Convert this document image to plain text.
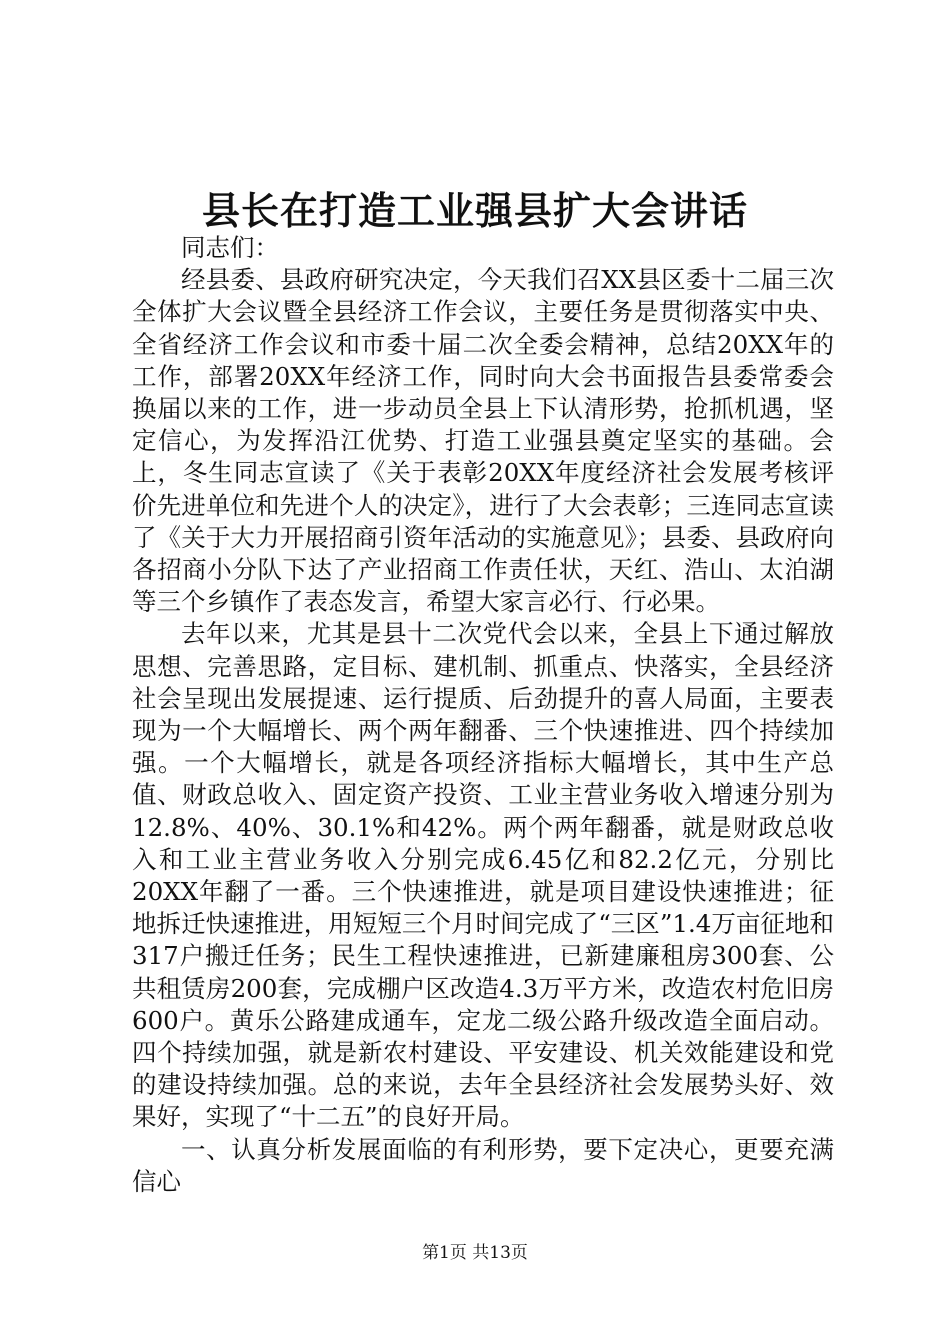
县长在打造工业强县扩大会讲话

同志们：

经县委、县政府研究决定，今天我们召XX县区委十二届三次全体扩大会议暨全县经济工作会议，主要任务是贯彻落实中央、全省经济工作会议和市委十届二次全委会精神，总结20XX年的工作，部署20XX年经济工作，同时向大会书面报告县委常委会换届以来的工作，进一步动员全县上下认清形势，抢抓机遇，坚定信心，为发挥沿江优势、打造工业强县奠定坚实的基础。会上，冬生同志宣读了《关于表彰20XX年度经济社会发展考核评价先进单位和先进个人的决定》，进行了大会表彰；三连同志宣读了《关于大力开展招商引资年活动的实施意见》；县委、县政府向各招商小分队下达了产业招商工作责任状，天红、浩山、太泊湖等三个乡镇作了表态发言，希望大家言必行、行必果。

去年以来，尤其是县十二次党代会以来，全县上下通过解放思想、完善思路，定目标、建机制、抓重点、快落实，全县经济社会呈现出发展提速、运行提质、后劲提升的喜人局面，主要表现为一个大幅增长、两个两年翻番、三个快速推进、四个持续加强。一个大幅增长，就是各项经济指标大幅增长，其中生产总值、财政总收入、固定资产投资、工业主营业务收入增速分别为12.8%、40%、30.1%和42%。两个两年翻番，就是财政总收入和工业主营业务收入分别完成6.45亿和82.2亿元，分别比20XX年翻了一番。三个快速推进，就是项目建设快速推进；征地拆迁快速推进，用短短三个月时间完成了“三区”1.4万亩征地和317户搬迁任务；民生工程快速推进，已新建廉租房300套、公共租赁房200套，完成棚户区改造4.3万平方米，改造农村危旧房600户。黄乐公路建成通车，定龙二级公路升级改造全面启动。四个持续加强，就是新农村建设、平安建设、机关效能建设和党的建设持续加强。总的来说，去年全县经济社会发展势头好、效果好，实现了“十二五”的良好开局。

一、认真分析发展面临的有利形势，要下定决心，更要充满信心

第1页 共13页
